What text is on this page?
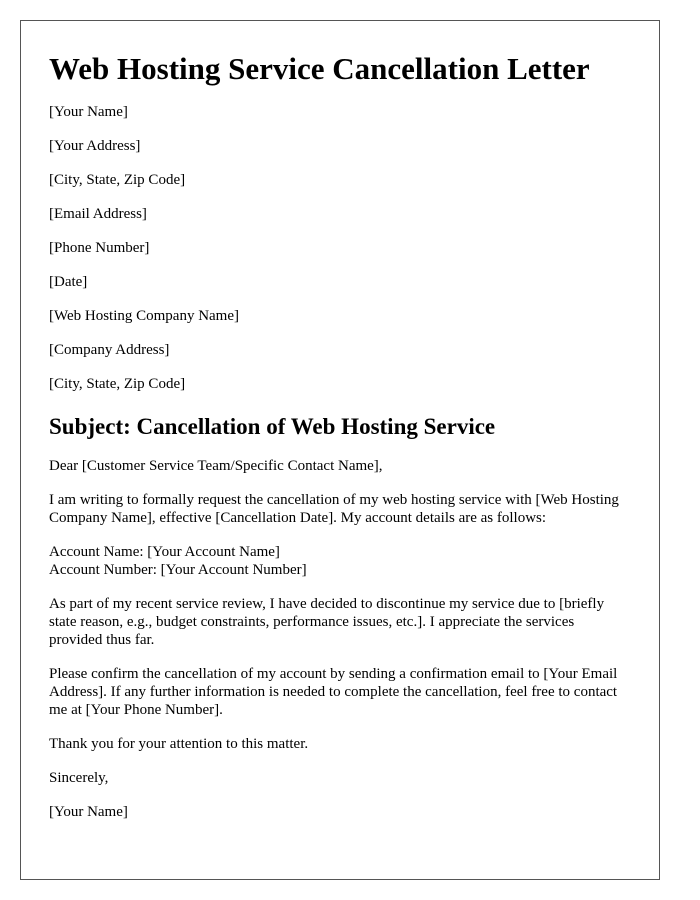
Web Hosting Service Cancellation Letter

[Your Name]

[Your Address]

[City, State, Zip Code]

[Email Address]

[Phone Number]

[Date]

[Web Hosting Company Name]

[Company Address]

[City, State, Zip Code]

Subject: Cancellation of Web Hosting Service

Dear [Customer Service Team/Specific Contact Name],

I am writing to formally request the cancellation of my web hosting service with [Web Hosting Company Name], effective [Cancellation Date]. My account details are as follows:

Account Name: [Your Account Name]

Account Number: [Your Account Number]

As part of my recent service review, I have decided to discontinue my service due to [briefly state reason, e.g., budget constraints, performance issues, etc.]. I appreciate the services provided thus far.

Please confirm the cancellation of my account by sending a confirmation email to [Your Email Address]. If any further information is needed to complete the cancellation, feel free to contact me at [Your Phone Number].

Thank you for your attention to this matter.

Sincerely,

[Your Name]
